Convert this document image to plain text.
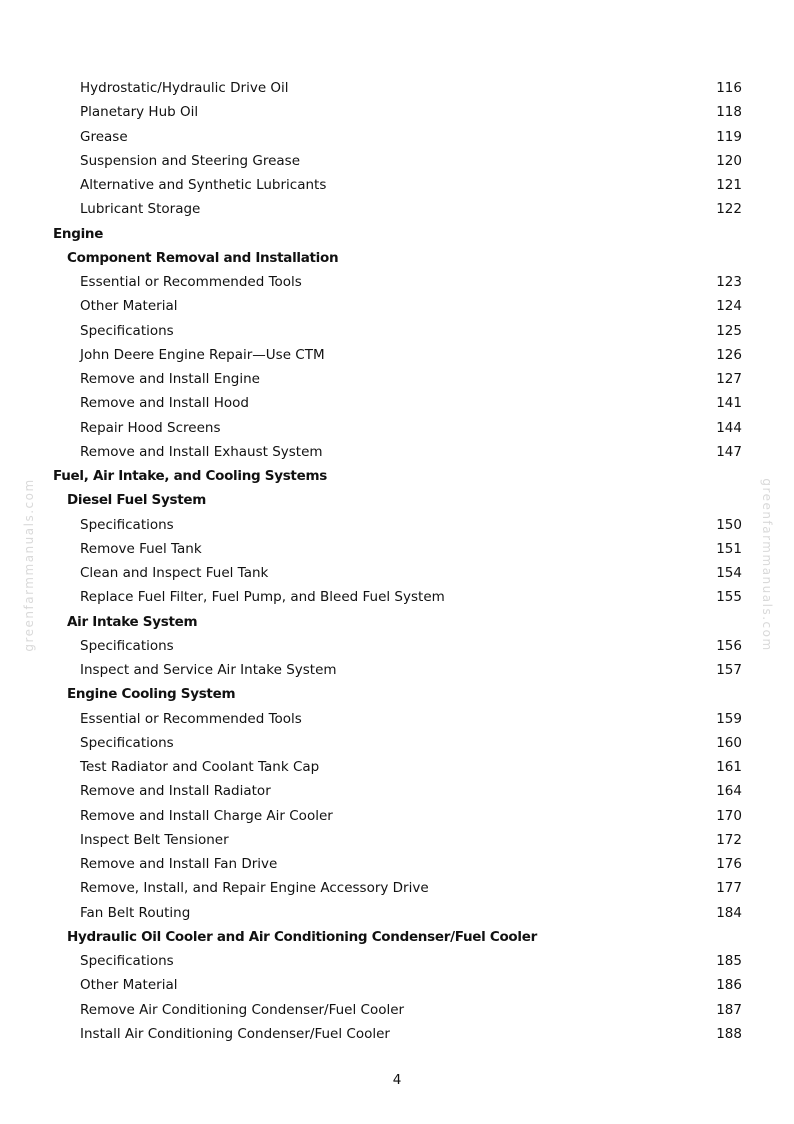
Hydrostatic/Hydraulic Drive Oil	116
Planetary Hub Oil	118
Grease	119
Suspension and Steering Grease	120
Alternative and Synthetic Lubricants	121
Lubricant Storage	122
Engine
Component Removal and Installation
Essential or Recommended Tools	123
Other Material	124
Specifications	125
John Deere Engine Repair—Use CTM	126
Remove and Install Engine	127
Remove and Install Hood	141
Repair Hood Screens	144
Remove and Install Exhaust System	147
Fuel, Air Intake, and Cooling Systems
Diesel Fuel System
Specifications	150
Remove Fuel Tank	151
Clean and Inspect Fuel Tank	154
Replace Fuel Filter, Fuel Pump, and Bleed Fuel System	155
Air Intake System
Specifications	156
Inspect and Service Air Intake System	157
Engine Cooling System
Essential or Recommended Tools	159
Specifications	160
Test Radiator and Coolant Tank Cap	161
Remove and Install Radiator	164
Remove and Install Charge Air Cooler	170
Inspect Belt Tensioner	172
Remove and Install Fan Drive	176
Remove, Install, and Repair Engine Accessory Drive	177
Fan Belt Routing	184
Hydraulic Oil Cooler and Air Conditioning Condenser/Fuel Cooler
Specifications	185
Other Material	186
Remove Air Conditioning Condenser/Fuel Cooler	187
Install Air Conditioning Condenser/Fuel Cooler	188
greenfarmmanuals.com	greenfarmmanuals.com
4
